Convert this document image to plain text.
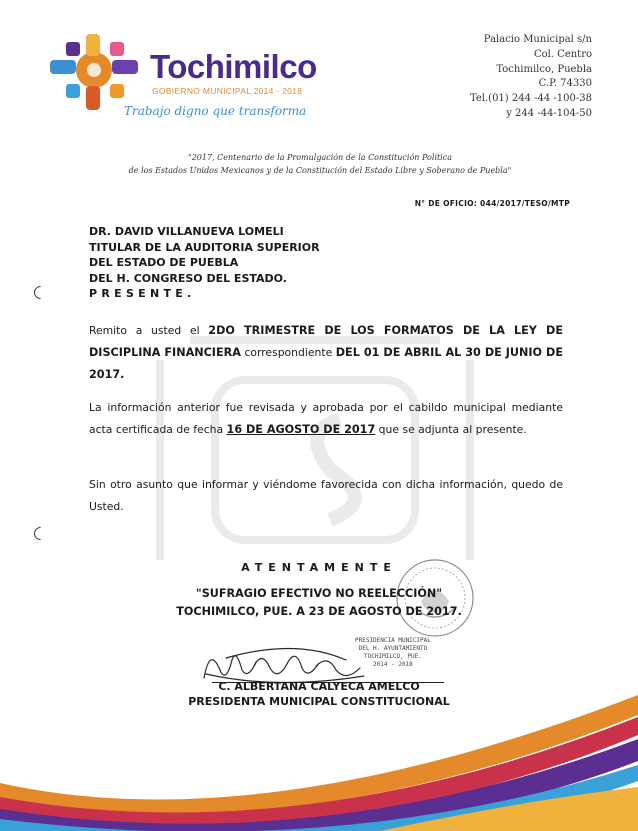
Tochimilco
GOBIERNO MUNICIPAL 2014 - 2018
Trabajo digno que transforma
Palacio Municipal s/n
Col. Centro
Tochimilco, Puebla
C.P. 74330
Tel.(01) 244 -44 -100-38
y 244 -44-104-50
"2017, Centenario de la Promulgación de la Constitución Política
de los Estados Unidos Mexicanos y de la Constitución del Estado Libre y Soberano de Puebla"
N° DE OFICIO: 044/2017/TESO/MTP
DR. DAVID VILLANUEVA LOMELI
TITULAR DE LA AUDITORIA SUPERIOR
DEL ESTADO DE PUEBLA
DEL H. CONGRESO DEL ESTADO.
PRESENTE.
Remito a usted el 2DO TRIMESTRE DE LOS FORMATOS DE LA LEY DE DISCIPLINA FINANCIERA correspondiente DEL 01 DE ABRIL AL 30 DE JUNIO DE 2017.
La información anterior fue revisada y aprobada por el cabildo municipal mediante acta certificada de fecha 16 DE AGOSTO DE 2017 que se adjunta al presente.
Sin otro asunto que informar y viéndome favorecida con dicha información, quedo de Usted.
ATENTAMENTE
"SUFRAGIO EFECTIVO NO REELECCIÓN"
TOCHIMILCO, PUE. A 23 DE AGOSTO DE 2017.
PRESIDENCIA MUNICIPAL
DEL H. AYUNTAMIENTO
TOCHIMILCO, PUE.
2014 - 2018
C. ALBERTANA CALYECA AMELCO
PRESIDENTA MUNICIPAL CONSTITUCIONAL
